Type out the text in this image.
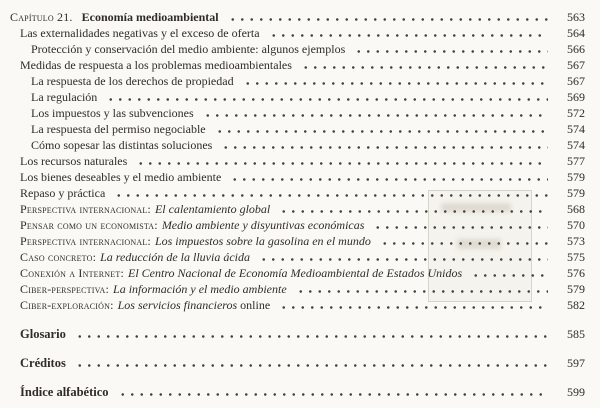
Capítulo 21. Economía medioambiental	563
Las externalidades negativas y el exceso de oferta	564
Protección y conservación del medio ambiente: algunos ejemplos	566
Medidas de respuesta a los problemas medioambientales	567
La respuesta de los derechos de propiedad	567
La regulación	569
Los impuestos y las subvenciones	572
La respuesta del permiso negociable	574
Cómo sopesar las distintas soluciones	574
Los recursos naturales	577
Los bienes deseables y el medio ambiente	579
Repaso y práctica	579
Perspectiva internacional: El calentamiento global	568
Pensar como un economista: Medio ambiente y disyuntivas económicas	570
Perspectiva internacional: Los impuestos sobre la gasolina en el mundo	573
Caso concreto: La reducción de la lluvia ácida	575
Conexión a Internet: El Centro Nacional de Economía Medioambiental de Estados Unidos	576
Ciber-perspectiva: La información y el medio ambiente	579
Ciber-exploración: Los servicios financieros online	582
Glosario	585
Créditos	597
Índice alfabético	599
